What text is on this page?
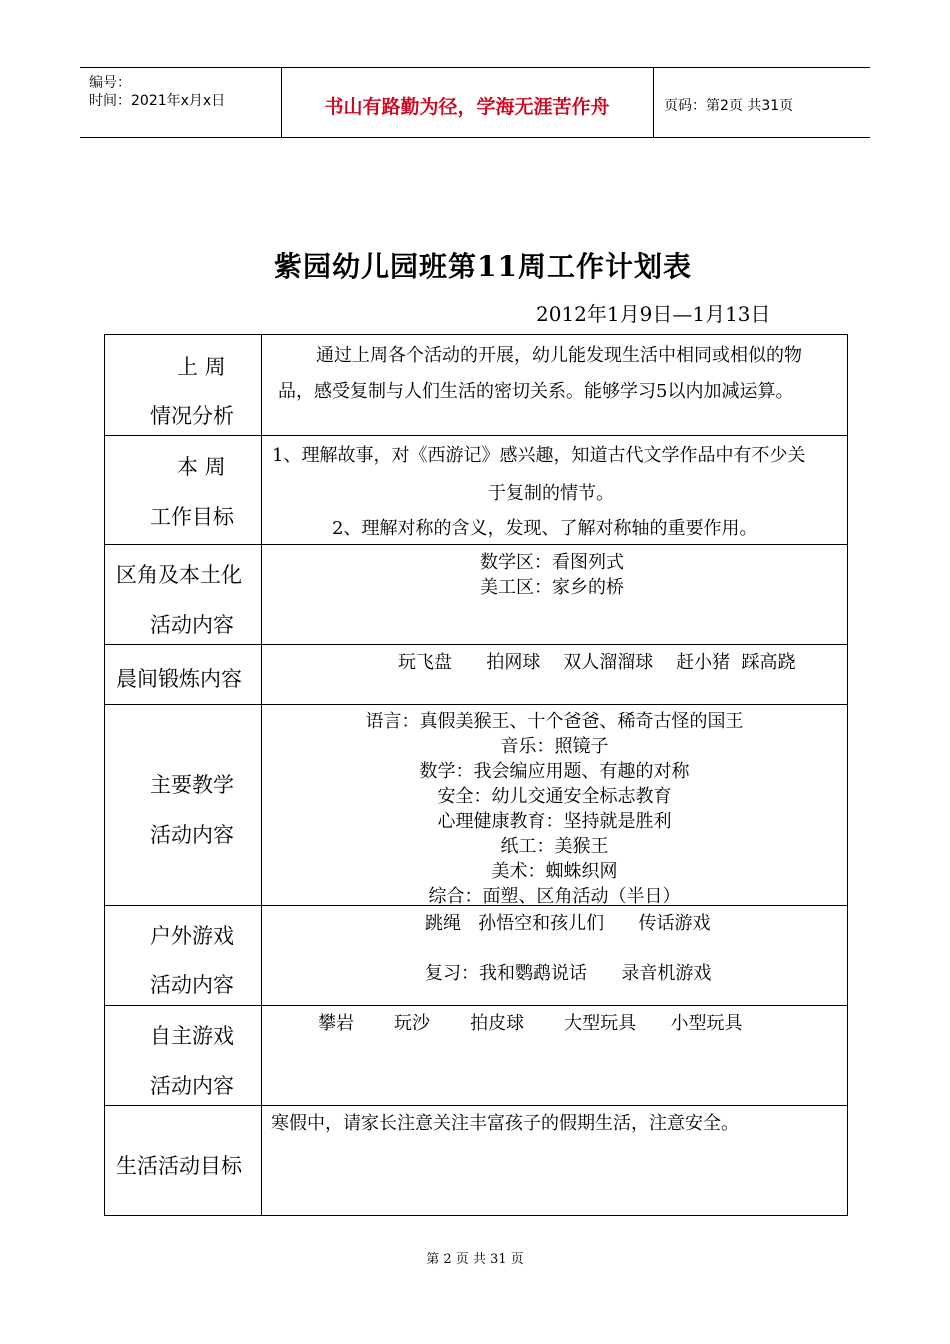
编号：
时间：2021年x月x日	书山有路勤为径，学海无涯苦作舟	页码：第2页 共31页
紫园幼儿园班第11周工作计划表
2012年1月9日—1月13日
上 周
情况分析
通过上周各个活动的开展，幼儿能发现生活中相同或相似的物
品，感受复制与人们生活的密切关系。能够学习5以内加减运算。
本 周
工作目标
1、理解故事，对《西游记》感兴趣，知道古代文学作品中有不少关
于复制的情节。
2、理解对称的含义，发现、了解对称轴的重要作用。
区角及本土化
活动内容
数学区：看图列式
美工区：家乡的桥
晨间锻炼内容
玩飞盘      拍网球    双人溜溜球    赶小猪  踩高跷
主要教学
活动内容
语言：真假美猴王、十个爸爸、稀奇古怪的国王
音乐：照镜子
数学：我会编应用题、有趣的对称
安全：幼儿交通安全标志教育
心理健康教育：坚持就是胜利
纸工：美猴王
美术：蜘蛛织网
综合：面塑、区角活动（半日）
户外游戏
活动内容
跳绳   孙悟空和孩儿们      传话游戏
复习：我和鹦鹉说话      录音机游戏
自主游戏
活动内容
攀岩       玩沙       拍皮球       大型玩具      小型玩具
生活活动目标
寒假中，请家长注意关注丰富孩子的假期生活，注意安全。
第 2 页 共 31 页
